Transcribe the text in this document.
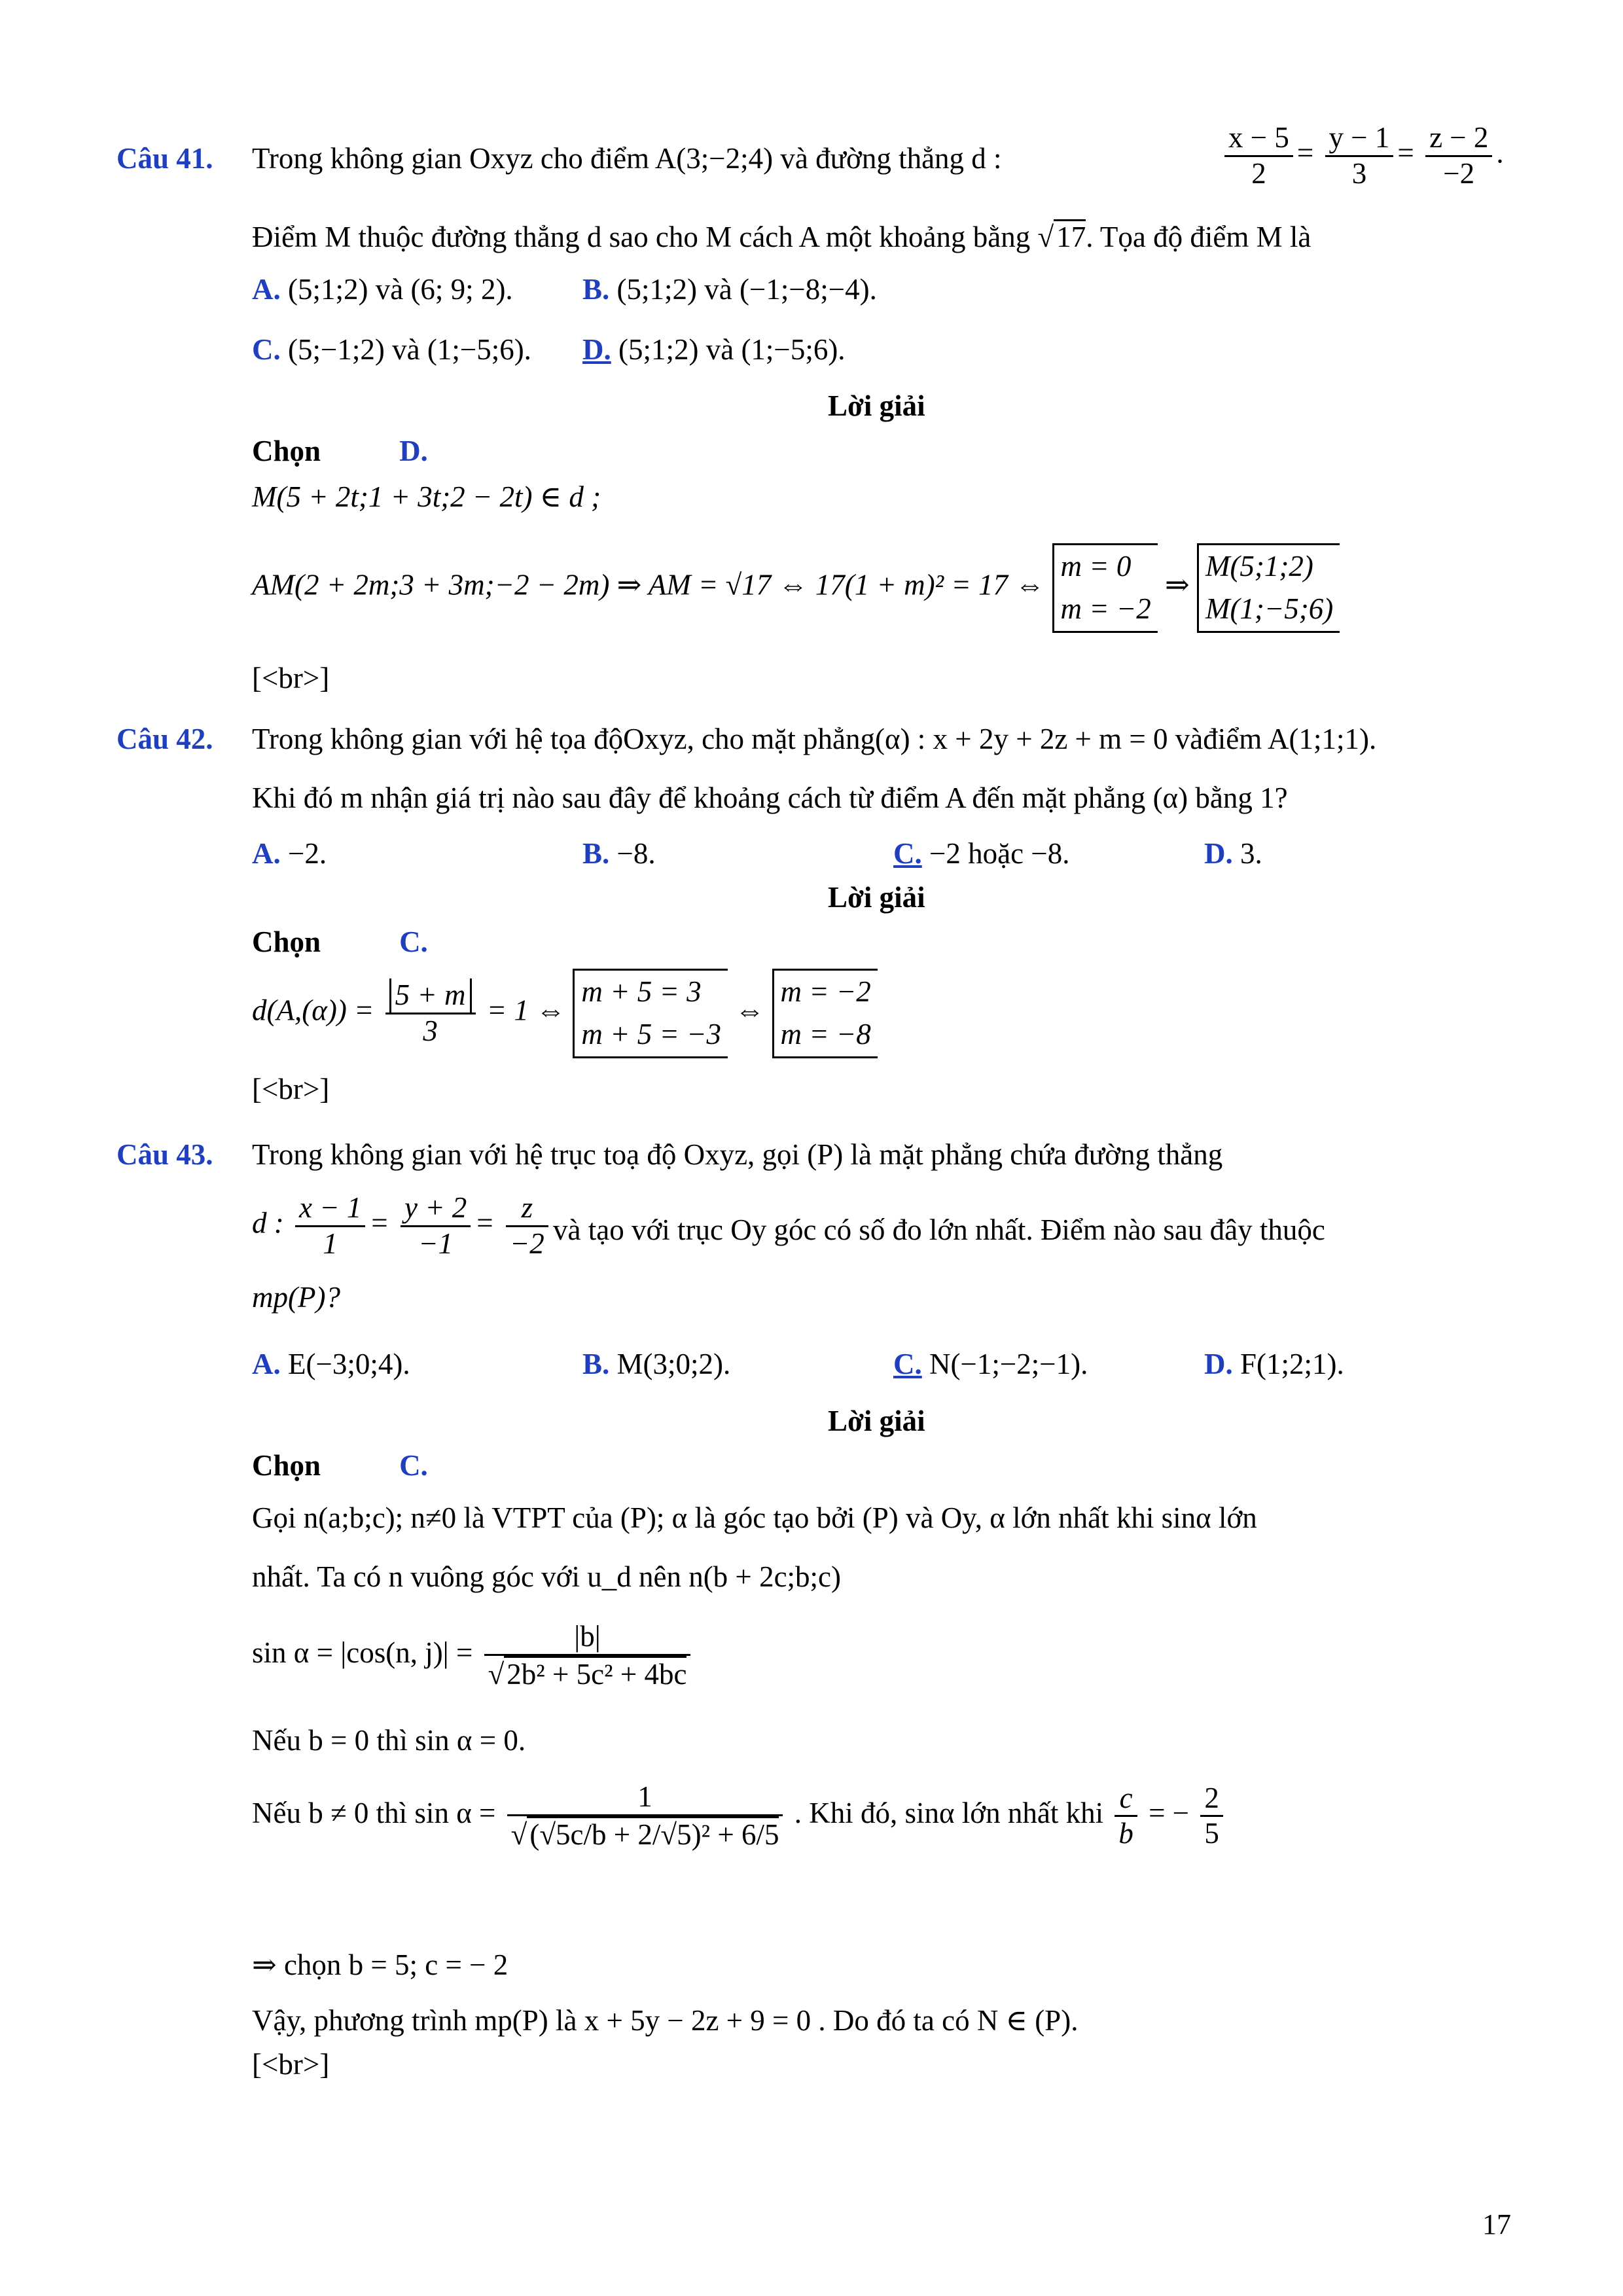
Câu 41. Trong không gian Oxyz cho điểm A(3;−2;4) và đường thẳng d :	$\frac{x - 5}{2} = \frac{y - 1}{3} = \frac{z - 2}{-2}$ .
Điểm M thuộc đường thẳng d sao cho M cách A một khoảng bằng √17. Tọa độ điểm M là
A. (5;1;2) và (6; 9; 2). B. (5;1;2) và (−1;−8;−4).
C. (5;−1;2) và (1;−5;6). D. (5;1;2) và (1;−5;6).
Lời giải
Chọn	D.
M(5 + 2t;1 + 3t;2 − 2t) ∈ d ;
AM(2 + 2m;3 + 3m;−2 − 2m) ⇒ AM = √17 ⇔ 17(1 + m)² = 17 ⇔ m = 0
m = −2 ⇒ M(5;1;2)
M(1;−5;6)
[<br>]
Câu 42. Trong không gian với hệ tọa độOxyz, cho mặt phẳng(α) : x + 2y + 2z + m = 0 vàđiểm A(1;1;1).
Khi đó m nhận giá trị nào sau đây để khoảng cách từ điểm A đến mặt phẳng (α) bằng 1?
A. −2.	B. −8.	C. −2 hoặc −8.	D. 3.
Lời giải
Chọn	C.
$d(A,(\alpha)) = \frac{5 + m}{3} = 1$ ⇔ m + 5 = 3
m + 5 = −3 ⇔ m = −2
m = −8
[<br>]
Câu 43. Trong không gian với hệ trục toạ độ Oxyz, gọi (P) là mặt phẳng chứa đường thẳng
d : $\frac{x - 1}{1} = \frac{y + 2}{-1} = \frac{z}{-2}$ và tạo với trục Oy góc có số đo lớn nhất. Điểm nào sau đây thuộc
mp(P)?
A. E(−3;0;4).	B. M(3;0;2).	C. N(−1;−2;−1).	D. F(1;2;1).
Lời giải
Chọn	C.
Gọi n(a;b;c); n≠0 là VTPT của (P); α là góc tạo bởi (P) và Oy, α lớn nhất khi sinα lớn
nhất. Ta có n vuông góc với u_d nên n(b + 2c;b;c)
sin α = |cos(n, $j)| = \frac{|b|}{\text{√2b² + 5c² + 4bc}}$
Nếu b = 0 thì sin α = 0.
Nếu b ≠ 0 thì $\sin \alpha = \frac{1}{\text{√(√5c/b + 2/√5)² + 6/5}}$ . Khi đó, sinα lớn nhất khi $\frac{c}{b}$ = − $\frac{2}{5}$
⇒ chọn b = 5; c = − 2
Vậy, phương trình mp(P) là x + 5y − 2z + 9 = 0 . Do đó ta có N ∈ (P).
[<br>]
17
